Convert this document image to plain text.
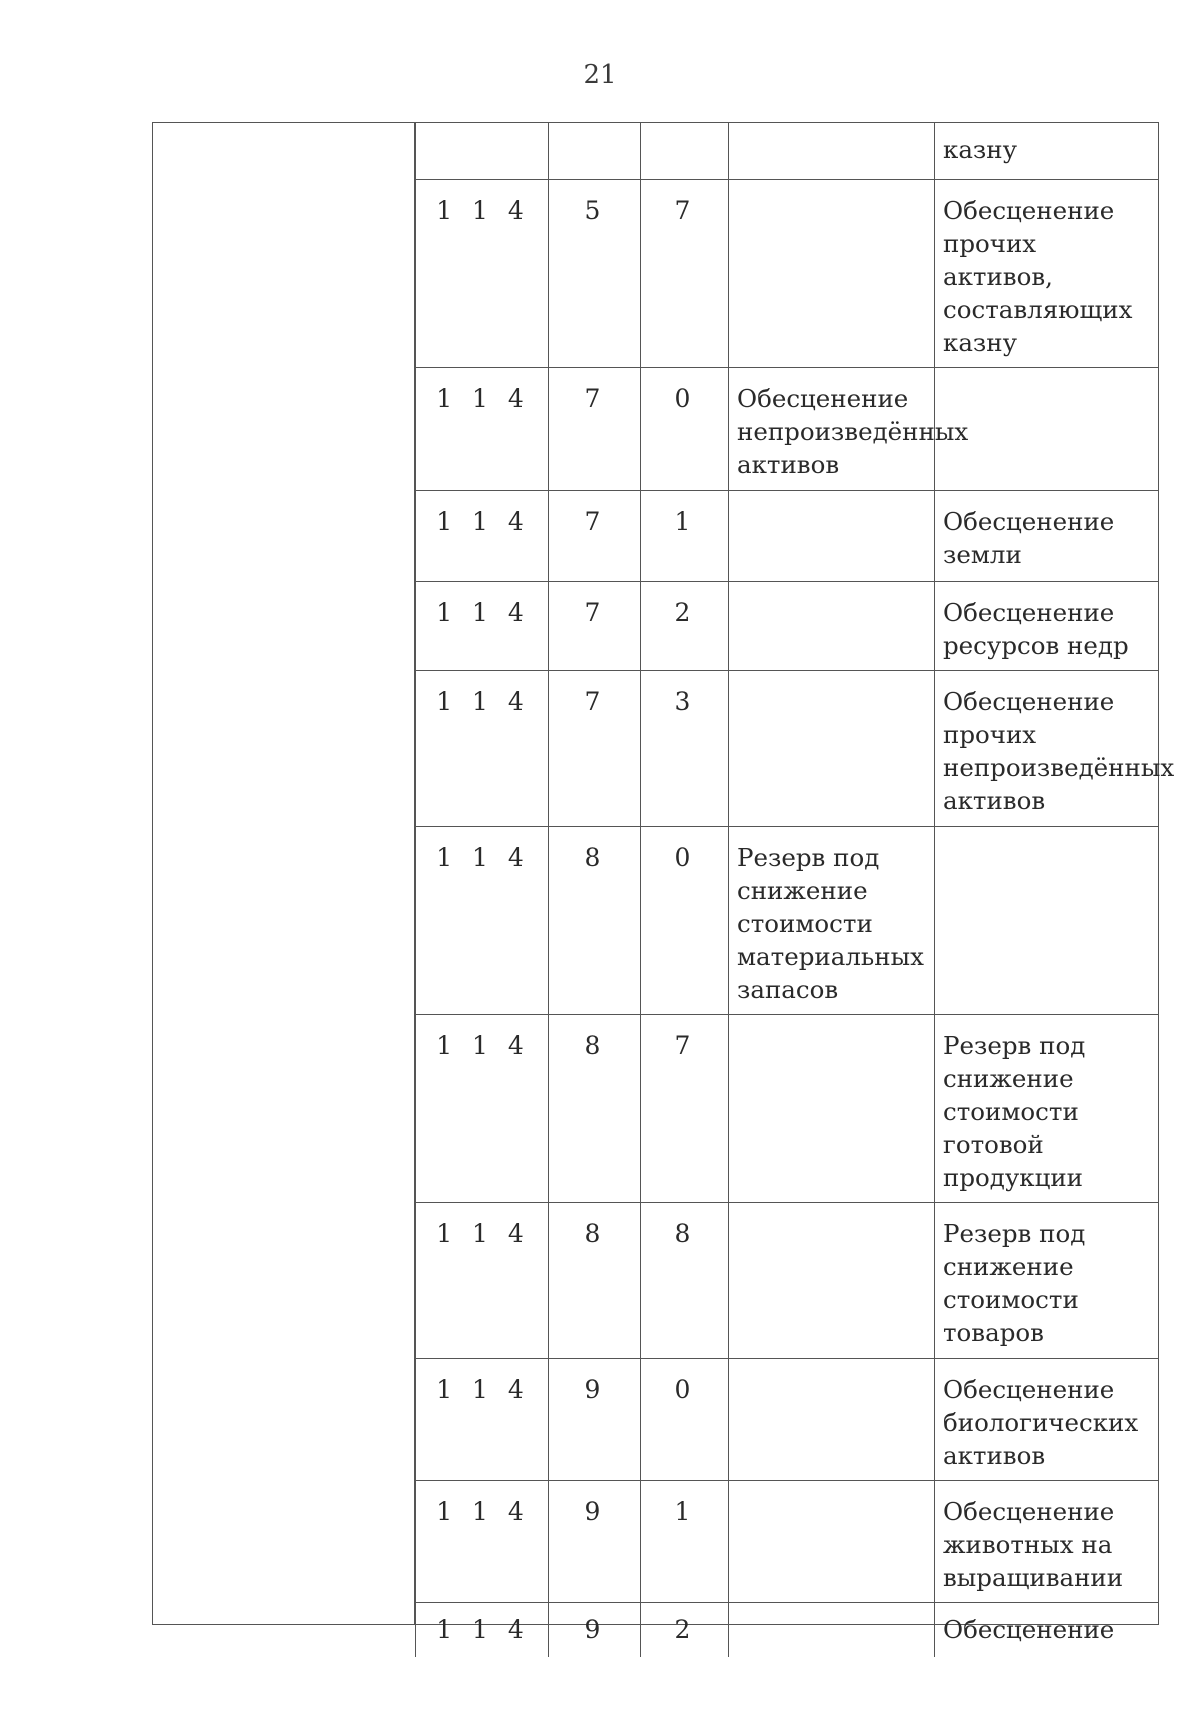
21
				казну
1 1 4	5	7		Обесценение прочих активов, составляющих казну
1 1 4	7	0	Обесценение непроизведённых активов	
1 1 4	7	1		Обесценение земли
1 1 4	7	2		Обесценение ресурсов недр
1 1 4	7	3		Обесценение прочих непроизведённых активов
1 1 4	8	0	Резерв под снижение стоимости материальных запасов	
1 1 4	8	7		Резерв под снижение стоимости готовой продукции
1 1 4	8	8		Резерв под снижение стоимости товаров
1 1 4	9	0		Обесценение биологических активов
1 1 4	9	1		Обесценение животных на выращивании
1 1 4	9	2		Обесценение
